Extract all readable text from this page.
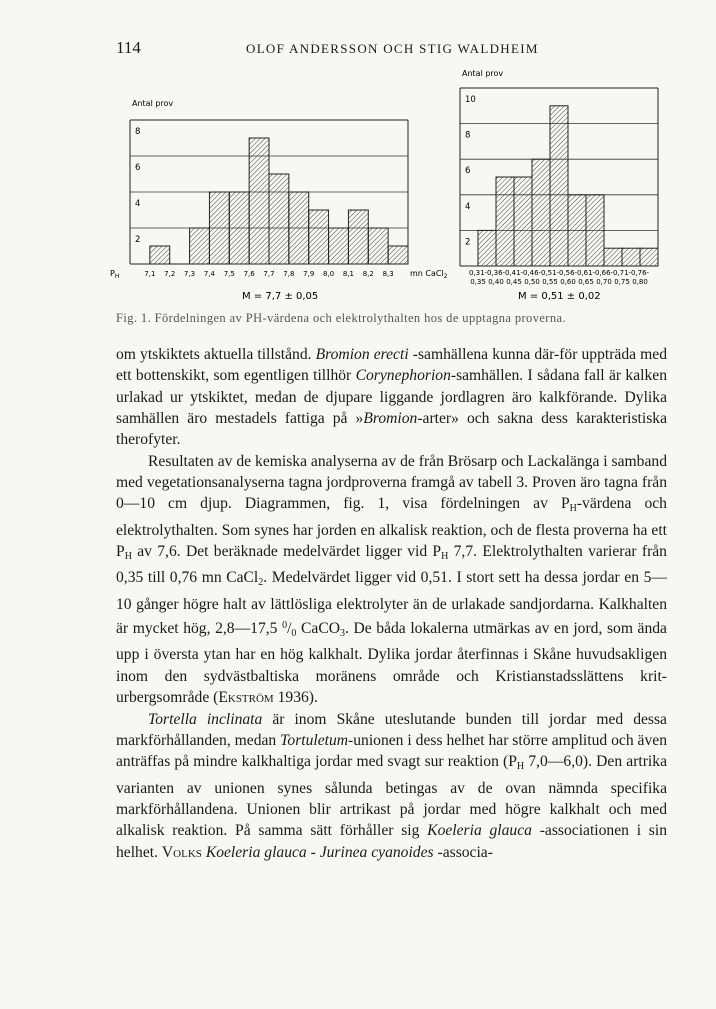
114	OLOF ANDERSSON OCH STIG WALDHEIM
Antal prov
2
4
6
8
$P_H$	7,1 7,2 7,3 7,4 7,5 7,6 7,7 7,8 7,9 8,0 8,1 8,2 8,3
M = 7,7 ± 0,05
Antal prov
2
4
6
8
10
mn CaCl$_2$	0,31- 0,36- 0,41- 0,46- 0,51- 0,56- 0,61- 0,66- 0,71- 0,76-
0,35 0,40 0,45 0,50 0,55 0,60 0,65 0,70 0,75 0,80
M = 0,51 ± 0,02
Fig. 1. Fördelningen av PH-värdena och elektrolythalten hos de upptagna proverna.

om ytskiktets aktuella tillstånd. Bromion erecti -samhällena kunna där-för uppträda med ett bottenskikt, som egentligen tillhör Corynephorion-samhällen. I sådana fall är kalken urlakad ur ytskiktet, medan de djupare liggande jordlagren äro kalkförande. Dylika samhällen äro mestadels fattiga på »Bromion-arter» och sakna dess karakteristiska therofyter.

Resultaten av de kemiska analyserna av de från Brösarp och Lackalänga i samband med vegetationsanalyserna tagna jordproverna framgå av tabell 3. Proven äro tagna från 0—10 cm djup. Diagrammen, fig. 1, visa fördelningen av $P_H$-värdena och elektrolythalten. Som synes har jorden en alkalisk reaktion, och de flesta proverna ha ett $P_H$ av 7,6. Det beräknade medelvärdet ligger vid $P_H$ 7,7. Elektrolythalten varierar från 0,35 till 0,76 mn CaCl$_2$. Medelvärdet ligger vid 0,51. I stort sett ha dessa jordar en 5—10 gånger högre halt av lättlösliga elektrolyter än de urlakade sandjordarna. Kalkhalten är mycket hög, 2,8—17,5 $^0/_0$ CaCO$_3$. De båda lokalerna utmärkas av en jord, som ända upp i översta ytan har en hög kalkhalt. Dylika jordar återfinnas i Skåne huvudsakligen inom den sydvästbaltiska moränens område och Kristianstadsslättens krit-urbergsområde (Ekström 1936).

Tortella inclinata är inom Skåne uteslutande bunden till jordar med dessa markförhållanden, medan Tortuletum-unionen i dess helhet har större amplitud och även anträffas på mindre kalkhaltiga jordar med svagt sur reaktion ($P_H$ 7,0—6,0). Den artrika varianten av unionen synes sålunda betingas av de ovan nämnda specifika markförhållandena. Unionen blir artrikast på jordar med högre kalkhalt och med alkalisk reaktion. På samma sätt förhåller sig Koeleria glauca -associationen i sin helhet. Volks Koeleria glauca - Jurinea cyanoides -associa-
